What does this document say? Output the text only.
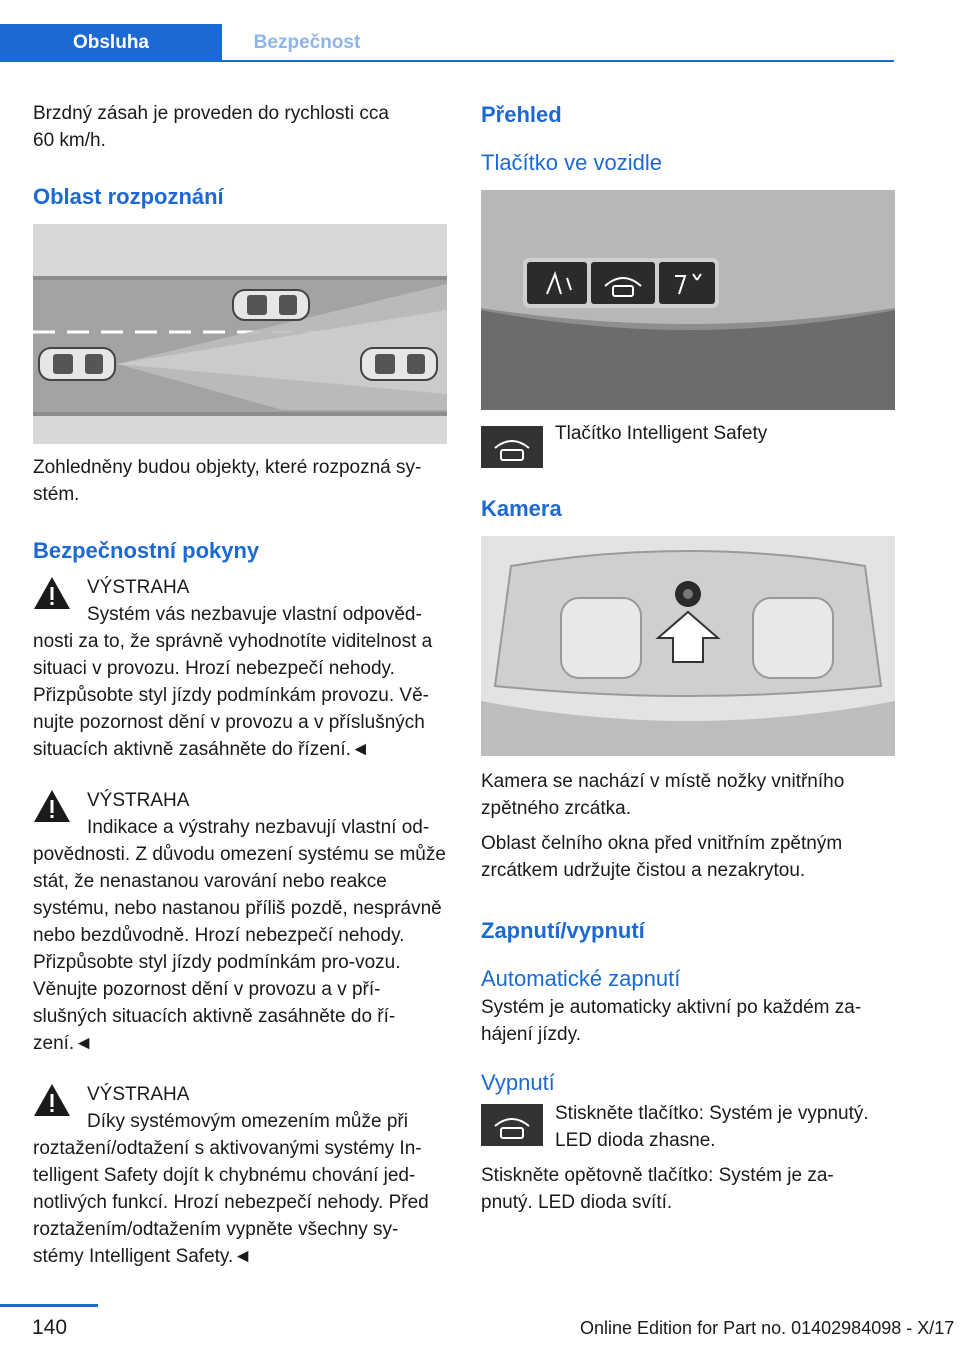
Obsluha	Bezpečnost

Brzdný zásah je proveden do rychlosti cca 60 km/h.

Oblast rozpoznání

Zohledněny budou objekty, které rozpozná sy‐stém.

Bezpečnostní pokyny

VÝSTRAHA

Systém vás nezbavuje vlastní odpověd‐nosti za to, že správně vyhodnotíte viditelnost a situaci v provozu. Hrozí nebezpečí nehody. Přizpůsobte styl jízdy podmínkám provozu. Vě‐nujte pozornost dění v provozu a v příslušných situacích aktivně zasáhněte do řízení.◄

VÝSTRAHA

Indikace a výstrahy nezbavují vlastní od‐povědnosti. Z důvodu omezení systému se může stát, že nenastanou varování nebo reakce systému, nebo nastanou příliš pozdě, nesprávně nebo bezdůvodně. Hrozí nebezpečí nehody. Přizpůsobte styl jízdy podmínkám pro‐vozu. Věnujte pozornost dění v provozu a v pří‐slušných situacích aktivně zasáhněte do ří‐zení.◄

VÝSTRAHA

Díky systémovým omezením může při roztažení/odtažení s aktivovanými systémy In‐telligent Safety dojít k chybnému chování jed‐notlivých funkcí. Hrozí nebezpečí nehody. Před roztažením/odtažením vypněte všechny sy‐stémy Intelligent Safety.◄

Přehled
Tlačítko ve vozidle

Tlačítko Intelligent Safety

Kamera

Kamera se nachází v místě nožky vnitřního zpětného zrcátka.

Oblast čelního okna před vnitřním zpětným zrcátkem udržujte čistou a nezakrytou.

Zapnutí/vypnutí
Automatické zapnutí

Systém je automaticky aktivní po každém za‐hájení jízdy.

Vypnutí

Stiskněte tlačítko: Systém je vypnutý. LED dioda zhasne.

Stiskněte opětovně tlačítko: Systém je za‐pnutý. LED dioda svítí.

140	Online Edition for Part no. 01402984098 - X/17
